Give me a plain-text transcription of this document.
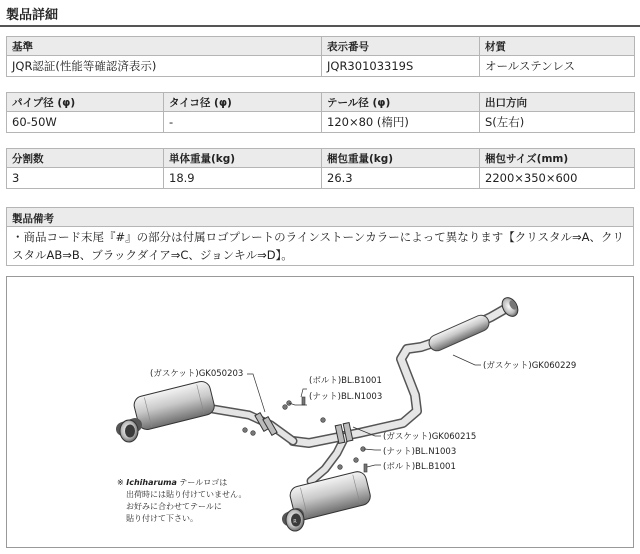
製品詳細
基準	表示番号	材質
JQR認証(性能等確認済表示)	JQR30103319S	オールステンレス
パイプ径 (φ)	タイコ径 (φ)	テール径 (φ)	出口方向
60-50W	-	120×80 (楕円)	S(左右)
分割数	単体重量(kg)	梱包重量(kg)	梱包サイズ(mm)
3	18.9	26.3	2200×350×600
製品備考
・商品コード末尾『#』の部分は付属ロゴプレートのラインストーンカラーによって異なります【クリスタル⇒A、クリスタルAB⇒B、ブラックダイア⇒C、ジョンキル⇒D】。
R
(ガスケット)GK050203
(ボルト)BL.B1001
(ナット)BL.N1003
(ガスケット)GK060229
(ガスケット)GK060215
(ナット)BL.N1003
(ボルト)BL.B1001
※ Ichiharuma テールロゴは
出荷時には貼り付けていません。
お好みに合わせてテールに
貼り付けて下さい。
